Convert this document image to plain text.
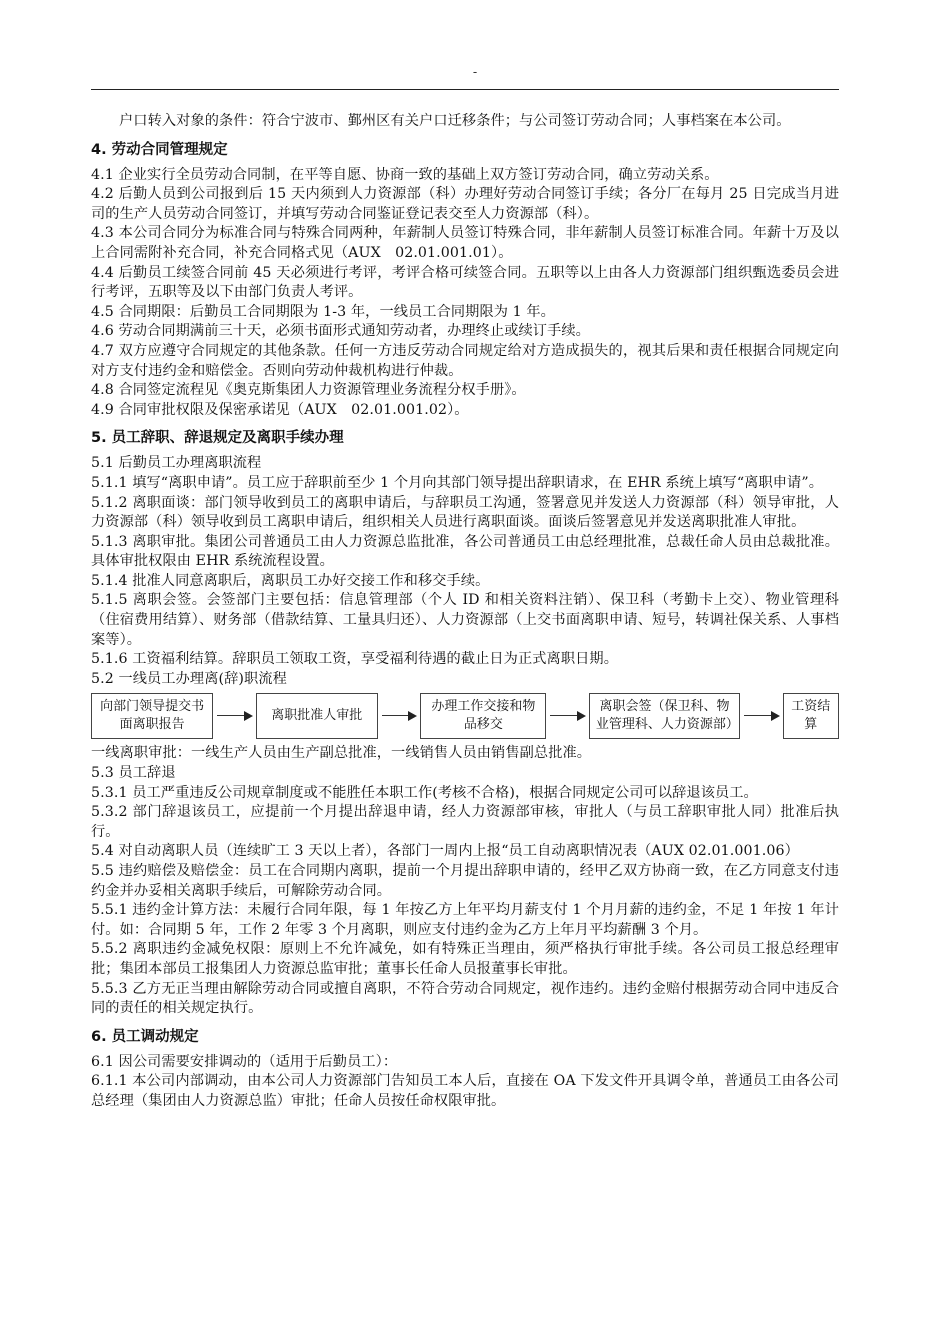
-

户口转入对象的条件：符合宁波市、鄞州区有关户口迁移条件；与公司签订劳动合同；人事档案在本公司。

4. 劳动合同管理规定

4.1 企业实行全员劳动合同制，在平等自愿、协商一致的基础上双方签订劳动合同，确立劳动关系。

4.2 后勤人员到公司报到后 15 天内须到人力资源部（科）办理好劳动合同签订手续；各分厂在每月 25 日完成当月进司的生产人员劳动合同签订，并填写劳动合同鉴证登记表交至人力资源部（科）。

4.3 本公司合同分为标准合同与特殊合同两种，年薪制人员签订特殊合同，非年薪制人员签订标准合同。年薪十万及以上合同需附补充合同，补充合同格式见（AUX　02.01.001.01）。

4.4 后勤员工续签合同前 45 天必须进行考评，考评合格可续签合同。五职等以上由各人力资源部门组织甄选委员会进行考评，五职等及以下由部门负责人考评。

4.5 合同期限：后勤员工合同期限为 1-3 年，一线员工合同期限为 1 年。

4.6 劳动合同期满前三十天，必须书面形式通知劳动者，办理终止或续订手续。

4.7 双方应遵守合同规定的其他条款。任何一方违反劳动合同规定给对方造成损失的，视其后果和责任根据合同规定向对方支付违约金和赔偿金。否则向劳动仲裁机构进行仲裁。

4.8 合同签定流程见《奥克斯集团人力资源管理业务流程分权手册》。

4.9 合同审批权限及保密承诺见（AUX　02.01.001.02）。

5. 员工辞职、辞退规定及离职手续办理

5.1 后勤员工办理离职流程

5.1.1 填写“离职申请”。员工应于辞职前至少 1 个月向其部门领导提出辞职请求，在 EHR 系统上填写“离职申请”。

5.1.2 离职面谈：部门领导收到员工的离职申请后，与辞职员工沟通，签署意见并发送人力资源部（科）领导审批，人力资源部（科）领导收到员工离职申请后，组织相关人员进行离职面谈。面谈后签署意见并发送离职批准人审批。

5.1.3 离职审批。集团公司普通员工由人力资源总监批准，各公司普通员工由总经理批准，总裁任命人员由总裁批准。具体审批权限由 EHR 系统流程设置。

5.1.4 批准人同意离职后，离职员工办好交接工作和移交手续。

5.1.5 离职会签。会签部门主要包括：信息管理部（个人 ID 和相关资料注销）、保卫科（考勤卡上交）、物业管理科（住宿费用结算）、财务部（借款结算、工量具归还）、人力资源部（上交书面离职申请、短号，转调社保关系、人事档案等）。

5.1.6 工资福利结算。辞职员工领取工资，享受福利待遇的截止日为正式离职日期。

5.2 一线员工办理离(辞)职流程

向部门领导提交书面离职报告
离职批准人审批
办理工作交接和物品移交
离职会签（保卫科、物业管理科、人力资源部）
工资结算

一线离职审批：一线生产人员由生产副总批准，一线销售人员由销售副总批准。

5.3 员工辞退

5.3.1 员工严重违反公司规章制度或不能胜任本职工作(考核不合格)，根据合同规定公司可以辞退该员工。

5.3.2 部门辞退该员工，应提前一个月提出辞退申请，经人力资源部审核，审批人（与员工辞职审批人同）批准后执行。

5.4 对自动离职人员（连续旷工 3 天以上者），各部门一周内上报“员工自动离职情况表（AUX 02.01.001.06）

5.5 违约赔偿及赔偿金：员工在合同期内离职，提前一个月提出辞职申请的，经甲乙双方协商一致，在乙方同意支付违约金并办妥相关离职手续后，可解除劳动合同。

5.5.1 违约金计算方法：未履行合同年限，每 1 年按乙方上年平均月薪支付 1 个月月薪的违约金，不足 1 年按 1 年计付。如：合同期 5 年，工作 2 年零 3 个月离职，则应支付违约金为乙方上年月平均薪酬 3 个月。

5.5.2 离职违约金减免权限：原则上不允许减免，如有特殊正当理由，须严格执行审批手续。各公司员工报总经理审批；集团本部员工报集团人力资源总监审批；董事长任命人员报董事长审批。

5.5.3 乙方无正当理由解除劳动合同或擅自离职，不符合劳动合同规定，视作违约。违约金赔付根据劳动合同中违反合同的责任的相关规定执行。

6. 员工调动规定

6.1 因公司需要安排调动的（适用于后勤员工）：

6.1.1 本公司内部调动，由本公司人力资源部门告知员工本人后，直接在 OA 下发文件开具调令单，普通员工由各公司总经理（集团由人力资源总监）审批；任命人员按任命权限审批。
